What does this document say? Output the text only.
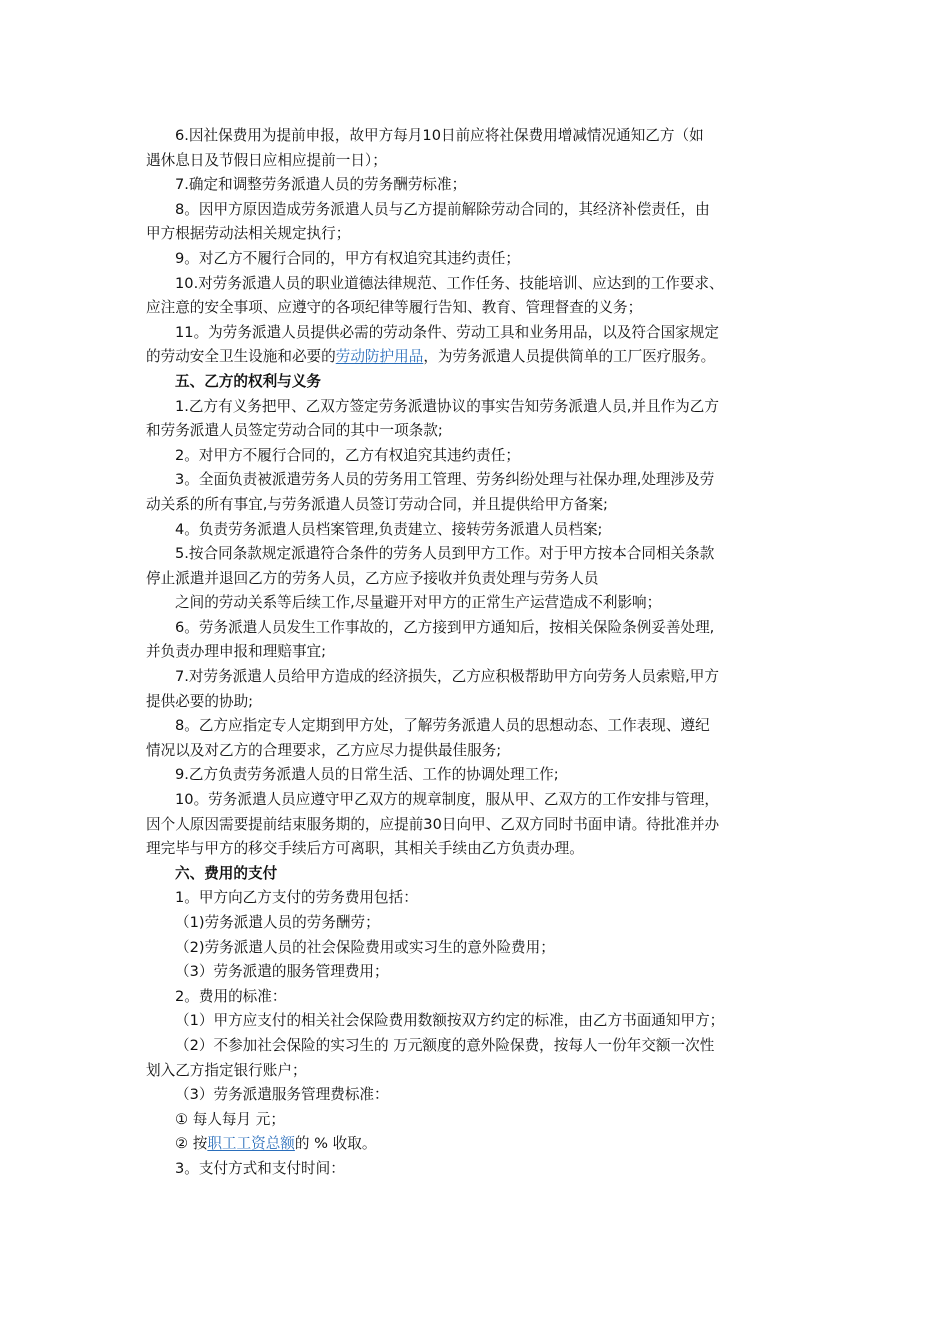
6.因社保费用为提前申报，故甲方每月10日前应将社保费用增减情况通知乙方（如
遇休息日及节假日应相应提前一日）；
7.确定和调整劳务派遣人员的劳务酬劳标准；
8。因甲方原因造成劳务派遣人员与乙方提前解除劳动合同的，其经济补偿责任，由
甲方根据劳动法相关规定执行；
9。对乙方不履行合同的，甲方有权追究其违约责任；
10.对劳务派遣人员的职业道德法律规范、工作任务、技能培训、应达到的工作要求、
应注意的安全事项、应遵守的各项纪律等履行告知、教育、管理督查的义务；
11。为劳务派遣人员提供必需的劳动条件、劳动工具和业务用品，以及符合国家规定
的劳动安全卫生设施和必要的劳动防护用品，为劳务派遣人员提供简单的工厂医疗服务。
五、乙方的权利与义务
1.乙方有义务把甲、乙双方签定劳务派遣协议的事实告知劳务派遣人员,并且作为乙方
和劳务派遣人员签定劳动合同的其中一项条款;
2。对甲方不履行合同的，乙方有权追究其违约责任；
3。全面负责被派遣劳务人员的劳务用工管理、劳务纠纷处理与社保办理,处理涉及劳
动关系的所有事宜,与劳务派遣人员签订劳动合同，并且提供给甲方备案;
4。负责劳务派遣人员档案管理,负责建立、接转劳务派遣人员档案;
5.按合同条款规定派遣符合条件的劳务人员到甲方工作。对于甲方按本合同相关条款
停止派遣并退回乙方的劳务人员，乙方应予接收并负责处理与劳务人员
之间的劳动关系等后续工作,尽量避开对甲方的正常生产运营造成不利影响；
6。劳务派遣人员发生工作事故的，乙方接到甲方通知后，按相关保险条例妥善处理,
并负责办理申报和理赔事宜;
7.对劳务派遣人员给甲方造成的经济损失，乙方应积极帮助甲方向劳务人员索赔,甲方
提供必要的协助;
8。乙方应指定专人定期到甲方处，了解劳务派遣人员的思想动态、工作表现、遵纪
情况以及对乙方的合理要求，乙方应尽力提供最佳服务;
9.乙方负责劳务派遣人员的日常生活、工作的协调处理工作;
10。劳务派遣人员应遵守甲乙双方的规章制度，服从甲、乙双方的工作安排与管理，
因个人原因需要提前结束服务期的，应提前30日向甲、乙双方同时书面申请。待批准并办
理完毕与甲方的移交手续后方可离职，其相关手续由乙方负责办理。
六、费用的支付
1。甲方向乙方支付的劳务费用包括：
（1)劳务派遣人员的劳务酬劳；
（2)劳务派遣人员的社会保险费用或实习生的意外险费用；
（3）劳务派遣的服务管理费用；
2。费用的标准：
（1）甲方应支付的相关社会保险费用数额按双方约定的标准，由乙方书面通知甲方；
（2）不参加社会保险的实习生的 万元额度的意外险保费，按每人一份年交额一次性
划入乙方指定银行账户；
（3）劳务派遣服务管理费标准：
① 每人每月 元；
② 按职工工资总额的 % 收取。
3。支付方式和支付时间：
